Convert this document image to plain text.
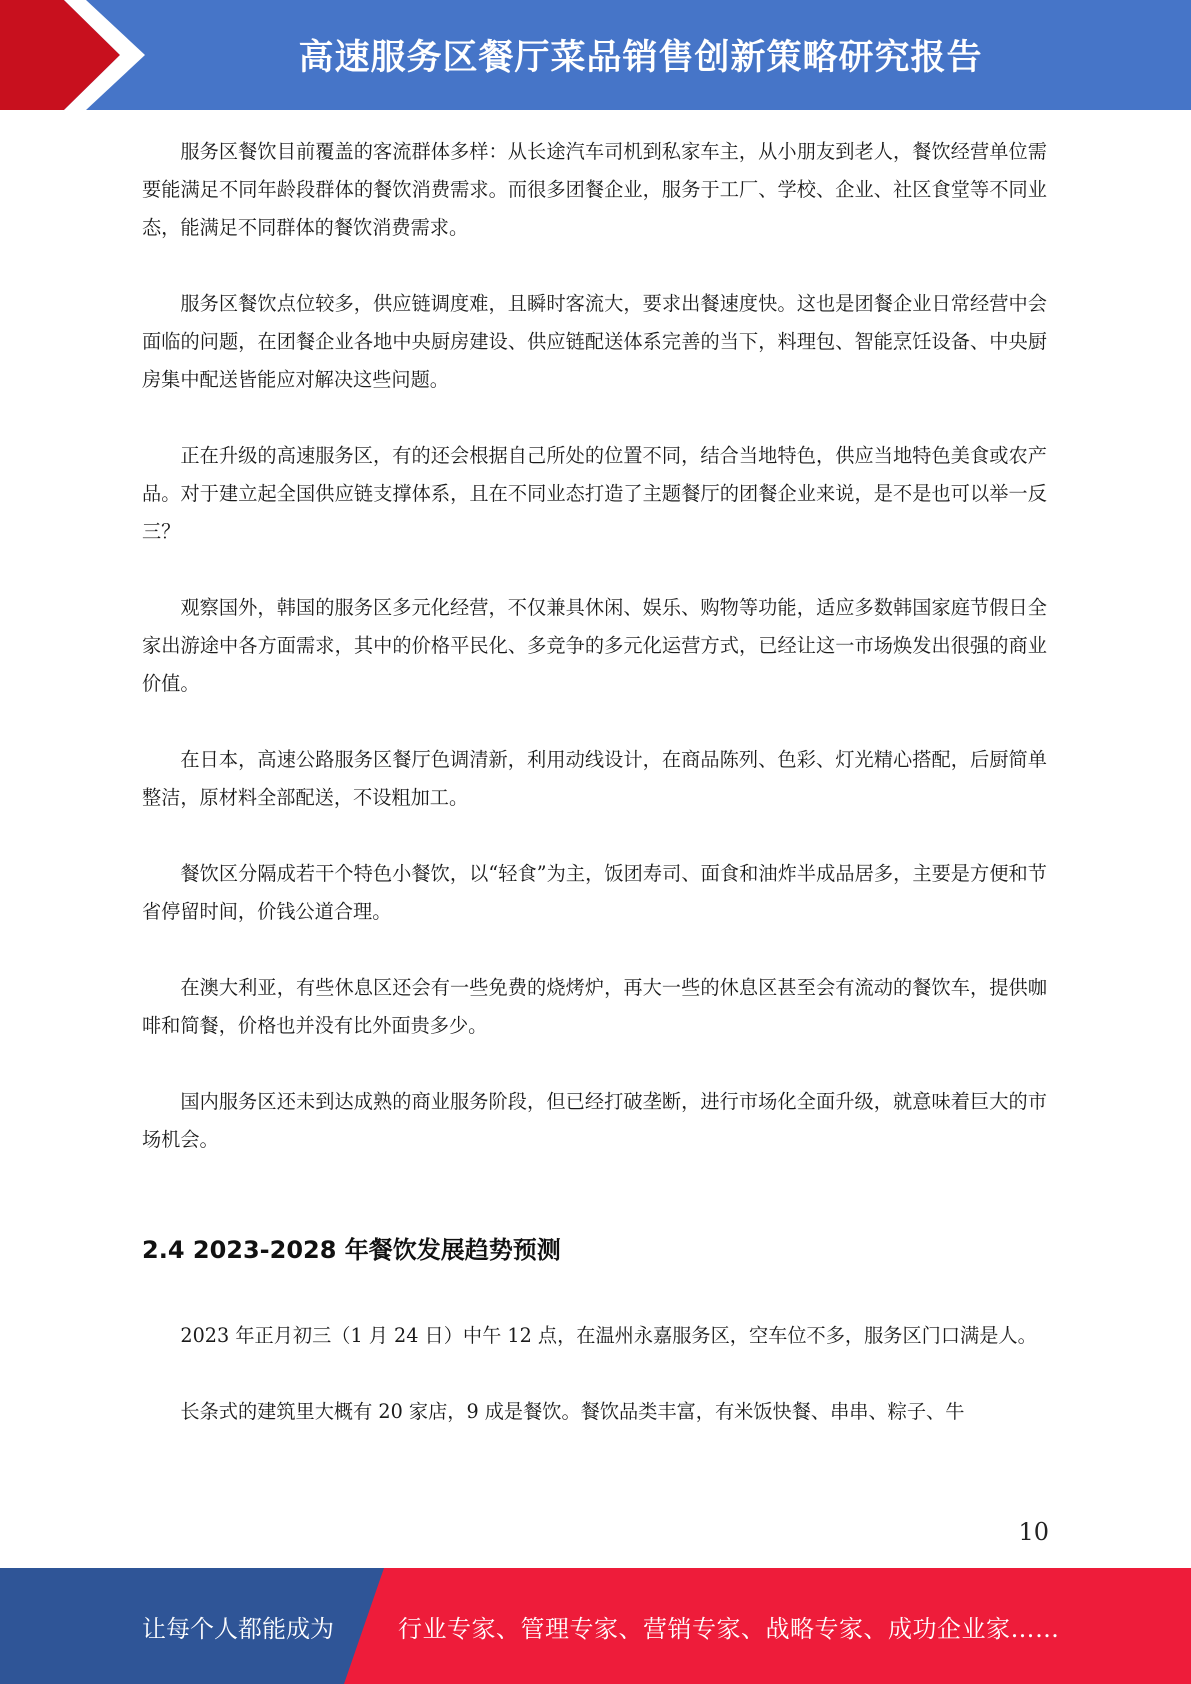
高速服务区餐厅菜品销售创新策略研究报告

服务区餐饮目前覆盖的客流群体多样：从长途汽车司机到私家车主，从小朋友到老人，餐饮经营单位需要能满足不同年龄段群体的餐饮消费需求。而很多团餐企业，服务于工厂、学校、企业、社区食堂等不同业态，能满足不同群体的餐饮消费需求。

服务区餐饮点位较多，供应链调度难，且瞬时客流大，要求出餐速度快。这也是团餐企业日常经营中会面临的问题，在团餐企业各地中央厨房建设、供应链配送体系完善的当下，料理包、智能烹饪设备、中央厨房集中配送皆能应对解决这些问题。

正在升级的高速服务区，有的还会根据自己所处的位置不同，结合当地特色，供应当地特色美食或农产品。对于建立起全国供应链支撑体系，且在不同业态打造了主题餐厅的团餐企业来说，是不是也可以举一反三？

观察国外，韩国的服务区多元化经营，不仅兼具休闲、娱乐、购物等功能，适应多数韩国家庭节假日全家出游途中各方面需求，其中的价格平民化、多竞争的多元化运营方式，已经让这一市场焕发出很强的商业价值。

在日本，高速公路服务区餐厅色调清新，利用动线设计，在商品陈列、色彩、灯光精心搭配，后厨简单整洁，原材料全部配送，不设粗加工。

餐饮区分隔成若干个特色小餐饮，以“轻食”为主，饭团寿司、面食和油炸半成品居多，主要是方便和节省停留时间，价钱公道合理。

在澳大利亚，有些休息区还会有一些免费的烧烤炉，再大一些的休息区甚至会有流动的餐饮车，提供咖啡和简餐，价格也并没有比外面贵多少。

国内服务区还未到达成熟的商业服务阶段，但已经打破垄断，进行市场化全面升级，就意味着巨大的市场机会。

2.4 2023-2028 年餐饮发展趋势预测

2023 年正月初三（1 月 24 日）中午 12 点，在温州永嘉服务区，空车位不多，服务区门口满是人。

长条式的建筑里大概有 20 家店，9 成是餐饮。餐饮品类丰富，有米饭快餐、串串、粽子、牛

10
让每个人都能成为	行业专家、管理专家、营销专家、战略专家、成功企业家……
